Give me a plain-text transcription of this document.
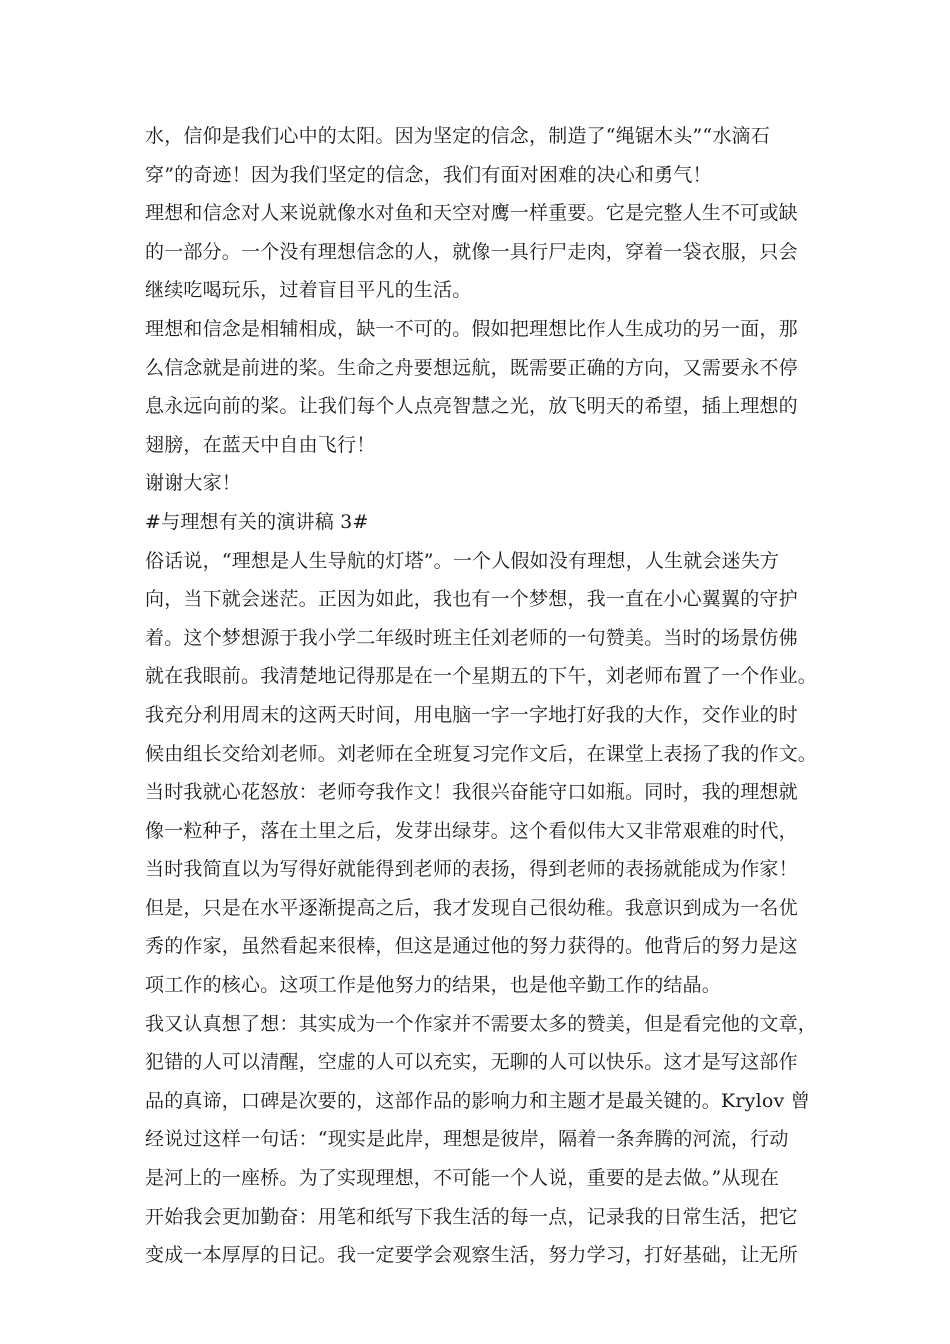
水，信仰是我们心中的太阳。因为坚定的信念，制造了“绳锯木头”“水滴石
穿”的奇迹！因为我们坚定的信念，我们有面对困难的决心和勇气！
理想和信念对人来说就像水对鱼和天空对鹰一样重要。它是完整人生不可或缺
的一部分。一个没有理想信念的人，就像一具行尸走肉，穿着一袋衣服，只会
继续吃喝玩乐，过着盲目平凡的生活。
理想和信念是相辅相成，缺一不可的。假如把理想比作人生成功的另一面，那
么信念就是前进的桨。生命之舟要想远航，既需要正确的方向，又需要永不停
息永远向前的桨。让我们每个人点亮智慧之光，放飞明天的希望，插上理想的
翅膀，在蓝天中自由飞行！
谢谢大家！
#与理想有关的演讲稿 3#
俗话说，“理想是人生导航的灯塔”。一个人假如没有理想，人生就会迷失方
向，当下就会迷茫。正因为如此，我也有一个梦想，我一直在小心翼翼的守护
着。这个梦想源于我小学二年级时班主任刘老师的一句赞美。当时的场景仿佛
就在我眼前。我清楚地记得那是在一个星期五的下午，刘老师布置了一个作业。
我充分利用周末的这两天时间，用电脑一字一字地打好我的大作，交作业的时
候由组长交给刘老师。刘老师在全班复习完作文后，在课堂上表扬了我的作文。
当时我就心花怒放：老师夸我作文！我很兴奋能守口如瓶。同时，我的理想就
像一粒种子，落在土里之后，发芽出绿芽。这个看似伟大又非常艰难的时代，
当时我简直以为写得好就能得到老师的表扬，得到老师的表扬就能成为作家！
但是，只是在水平逐渐提高之后，我才发现自己很幼稚。我意识到成为一名优
秀的作家，虽然看起来很棒，但这是通过他的努力获得的。他背后的努力是这
项工作的核心。这项工作是他努力的结果，也是他辛勤工作的结晶。
我又认真想了想：其实成为一个作家并不需要太多的赞美，但是看完他的文章，
犯错的人可以清醒，空虚的人可以充实，无聊的人可以快乐。这才是写这部作
品的真谛，口碑是次要的，这部作品的影响力和主题才是最关键的。Krylov 曾
经说过这样一句话：“现实是此岸，理想是彼岸，隔着一条奔腾的河流，行动
是河上的一座桥。为了实现理想，不可能一个人说，重要的是去做。”从现在
开始我会更加勤奋：用笔和纸写下我生活的每一点，记录我的日常生活，把它
变成一本厚厚的日记。我一定要学会观察生活，努力学习，打好基础，让无所
